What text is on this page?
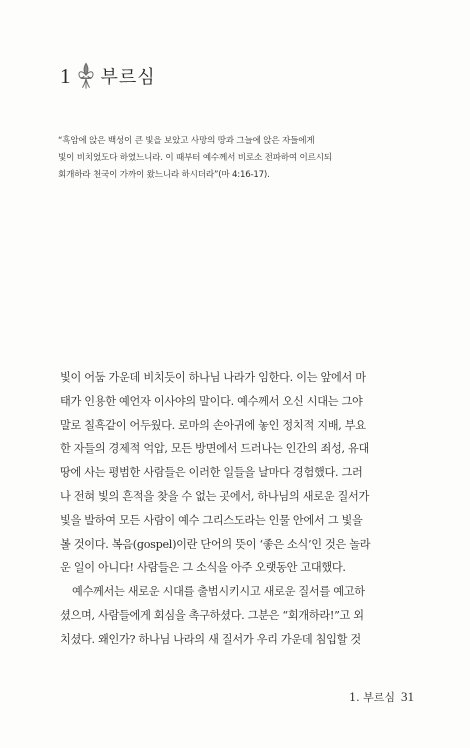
1 부르심
“흑암에 앉은 백성이 큰 빛을 보았고 사망의 땅과 그늘에 앉은 자들에게
빛이 비치었도다 하였느니라. 이 때부터 예수께서 비로소 전파하여 이르시되
회개하라 천국이 가까이 왔느니라 하시더라”(마 4:16-17).
빛이 어둠 가운데 비치듯이 하나님 나라가 임한다. 이는 앞에서 마
태가 인용한 예언자 이사야의 말이다. 예수께서 오신 시대는 그야
말로 칠흑같이 어두웠다. 로마의 손아귀에 놓인 정치적 지배, 부요
한 자들의 경제적 억압, 모든 방면에서 드러나는 인간의 죄성, 유대
땅에 사는 평범한 사람들은 이러한 일들을 날마다 경험했다. 그러
나 전혀 빛의 흔적을 찾을 수 없는 곳에서, 하나님의 새로운 질서가
빛을 발하여 모든 사람이 예수 그리스도라는 인물 안에서 그 빛을
볼 것이다. 복음(gospel)이란 단어의 뜻이 ‘좋은 소식’인 것은 놀라
운 일이 아니다! 사람들은 그 소식을 아주 오랫동안 고대했다.
예수께서는 새로운 시대를 출범시키시고 새로운 질서를 예고하
셨으며, 사람들에게 회심을 촉구하셨다. 그분은 “회개하라!”고 외
치셨다. 왜인가? 하나님 나라의 새 질서가 우리 가운데 침입할 것
1. 부르심 31
